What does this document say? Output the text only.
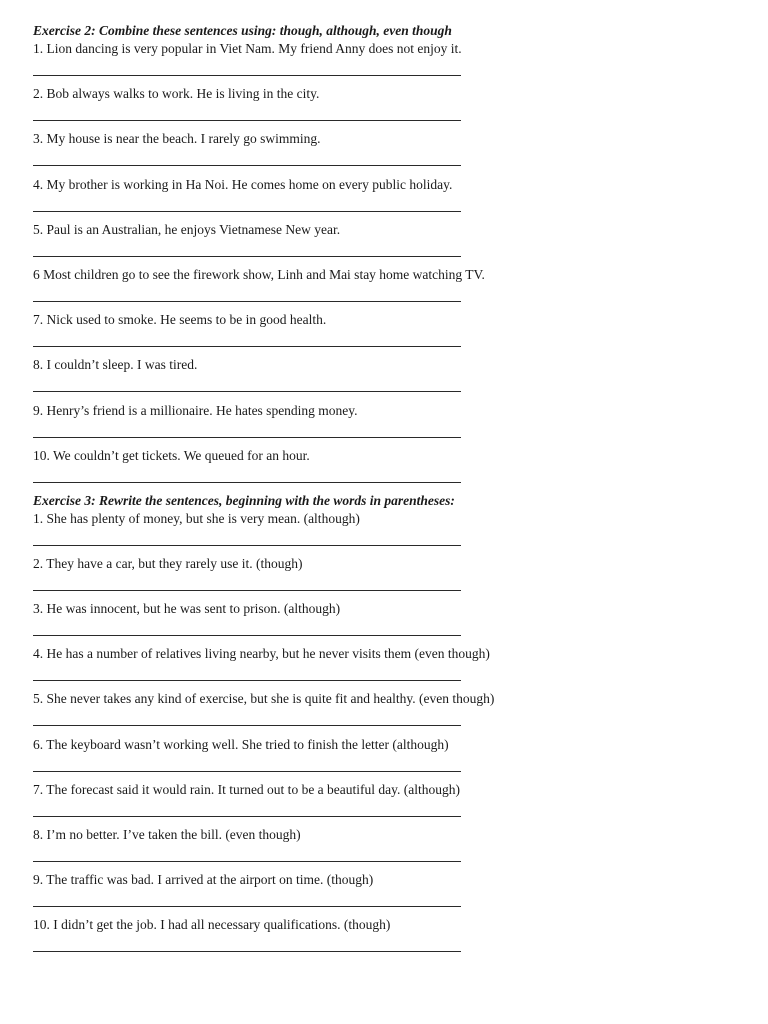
Exercise 2: Combine these sentences using: though, although, even though
1. Lion dancing is very popular in Viet Nam. My friend Anny does not enjoy it.
2. Bob always walks to work. He is living in the city.
3. My house is near the beach. I rarely go swimming.
4. My brother is working in Ha Noi. He comes home on every public holiday.
5. Paul is an Australian, he enjoys Vietnamese New year.
6 Most children go to see the firework show, Linh and Mai stay home watching TV.
7. Nick used to smoke. He seems to be in good health.
8. I couldn’t sleep. I was tired.
9. Henry’s friend is a millionaire. He hates spending money.
10. We couldn’t get tickets. We queued for an hour.
Exercise 3: Rewrite the sentences, beginning with the words in parentheses:
1. She has plenty of money, but she is very mean. (although)
2. They have a car, but they rarely use it. (though)
3. He was innocent, but he was sent to prison. (although)
4. He has a number of relatives living nearby, but he never visits them (even though)
5. She never takes any kind of exercise, but she is quite fit and healthy. (even though)
6. The keyboard wasn’t working well. She tried to finish the letter (although)
7. The forecast said it would rain. It turned out to be a beautiful day. (although)
8. I’m no better. I’ve taken the bill. (even though)
9. The traffic was bad. I arrived at the airport on time. (though)
10. I didn’t get the job. I had all necessary qualifications. (though)
